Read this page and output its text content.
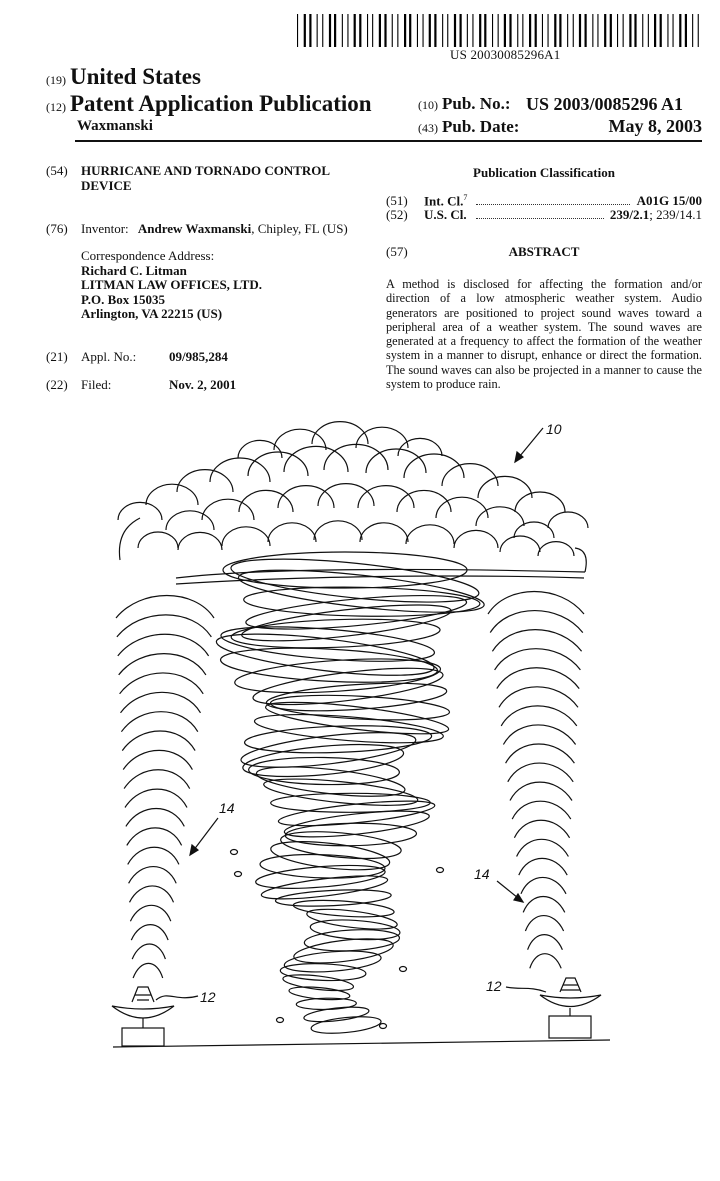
US 20030085296A1
(19) United States
(12) Patent Application Publication
Waxmanski
(10) Pub. No.: US 2003/0085296 A1
(43) Pub. Date:	May 8, 2003
(54) HURRICANE AND TORNADO CONTROL
DEVICE
(76) Inventor: Andrew Waxmanski, Chipley, FL (US)
Correspondence Address:
Richard C. Litman
LITMAN LAW OFFICES, LTD.
P.O. Box 15035
Arlington, VA 22215 (US)
(21) Appl. No.:	09/985,284
(22) Filed:	Nov. 2, 2001
Publication Classification
(51) Int. Cl.$^7$	A01G 15/00
(52) U.S. Cl.	239/2.1; 239/14.1
(57)	ABSTRACT
A method is disclosed for affecting the formation and/or direction of a low atmospheric weather system. Audio generators are positioned to project sound waves toward a peripheral area of a weather system. The sound waves are generated at a frequency to affect the formation of the weather system in a manner to disrupt, enhance or direct the formation. The sound waves can also be projected in a manner to cause the system to produce rain.
10
14
14
12
12
